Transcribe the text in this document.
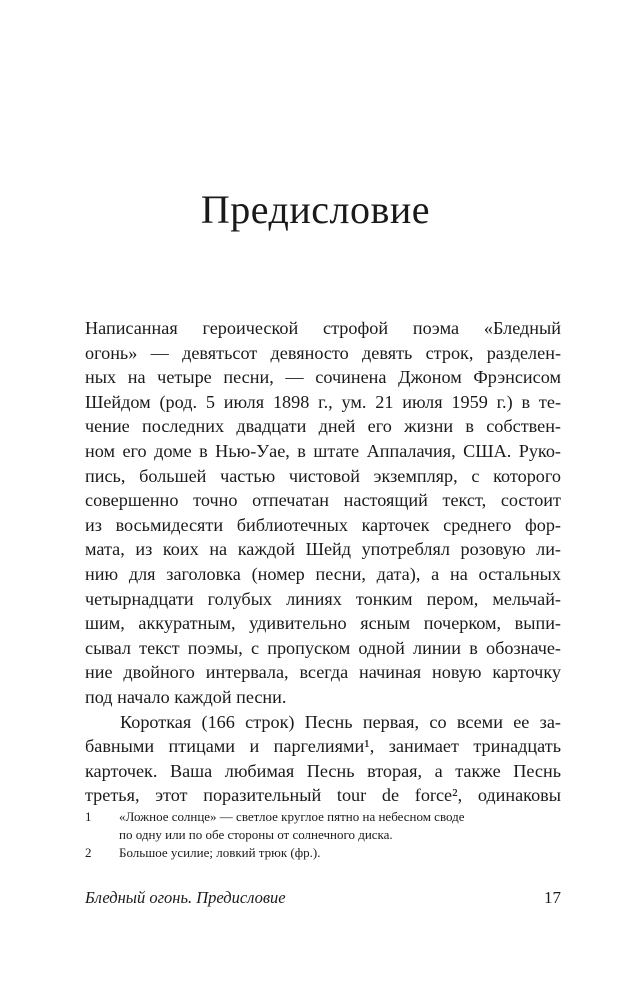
Предисловие
Написанная героической строфой поэма «Бледный
огонь» — девятьсот девяносто девять строк, разделен-
ных на четыре песни, — сочинена Джоном Фрэнсисом
Шейдом (род. 5 июля 1898 г., ум. 21 июля 1959 г.) в те-
чение последних двадцати дней его жизни в собствен-
ном его доме в Нью-Уае, в штате Аппалачия, США. Руко-
пись, большей частью чистовой экземпляр, с которого
совершенно точно отпечатан настоящий текст, состоит
из восьмидесяти библиотечных карточек среднего фор-
мата, из коих на каждой Шейд употреблял розовую ли-
нию для заголовка (номер песни, дата), а на остальных
четырнадцати голубых линиях тонким пером, мельчай-
шим, аккуратным, удивительно ясным почерком, выпи-
сывал текст поэмы, с пропуском одной линии в обозначе-
ние двойного интервала, всегда начиная новую карточку
под начало каждой песни.
Короткая (166 строк) Песнь первая, со всеми ее за-
бавными птицами и паргелиями¹, занимает тринадцать
карточек. Ваша любимая Песнь вторая, а также Песнь
третья, этот поразительный tour de force², одинаковы
1 «Ложное солнце» — светлое круглое пятно на небесном своде
по одну или по обе стороны от солнечного диска.
2 Большое усилие; ловкий трюк (фр.).
Бледный огонь. Предисловие	17
